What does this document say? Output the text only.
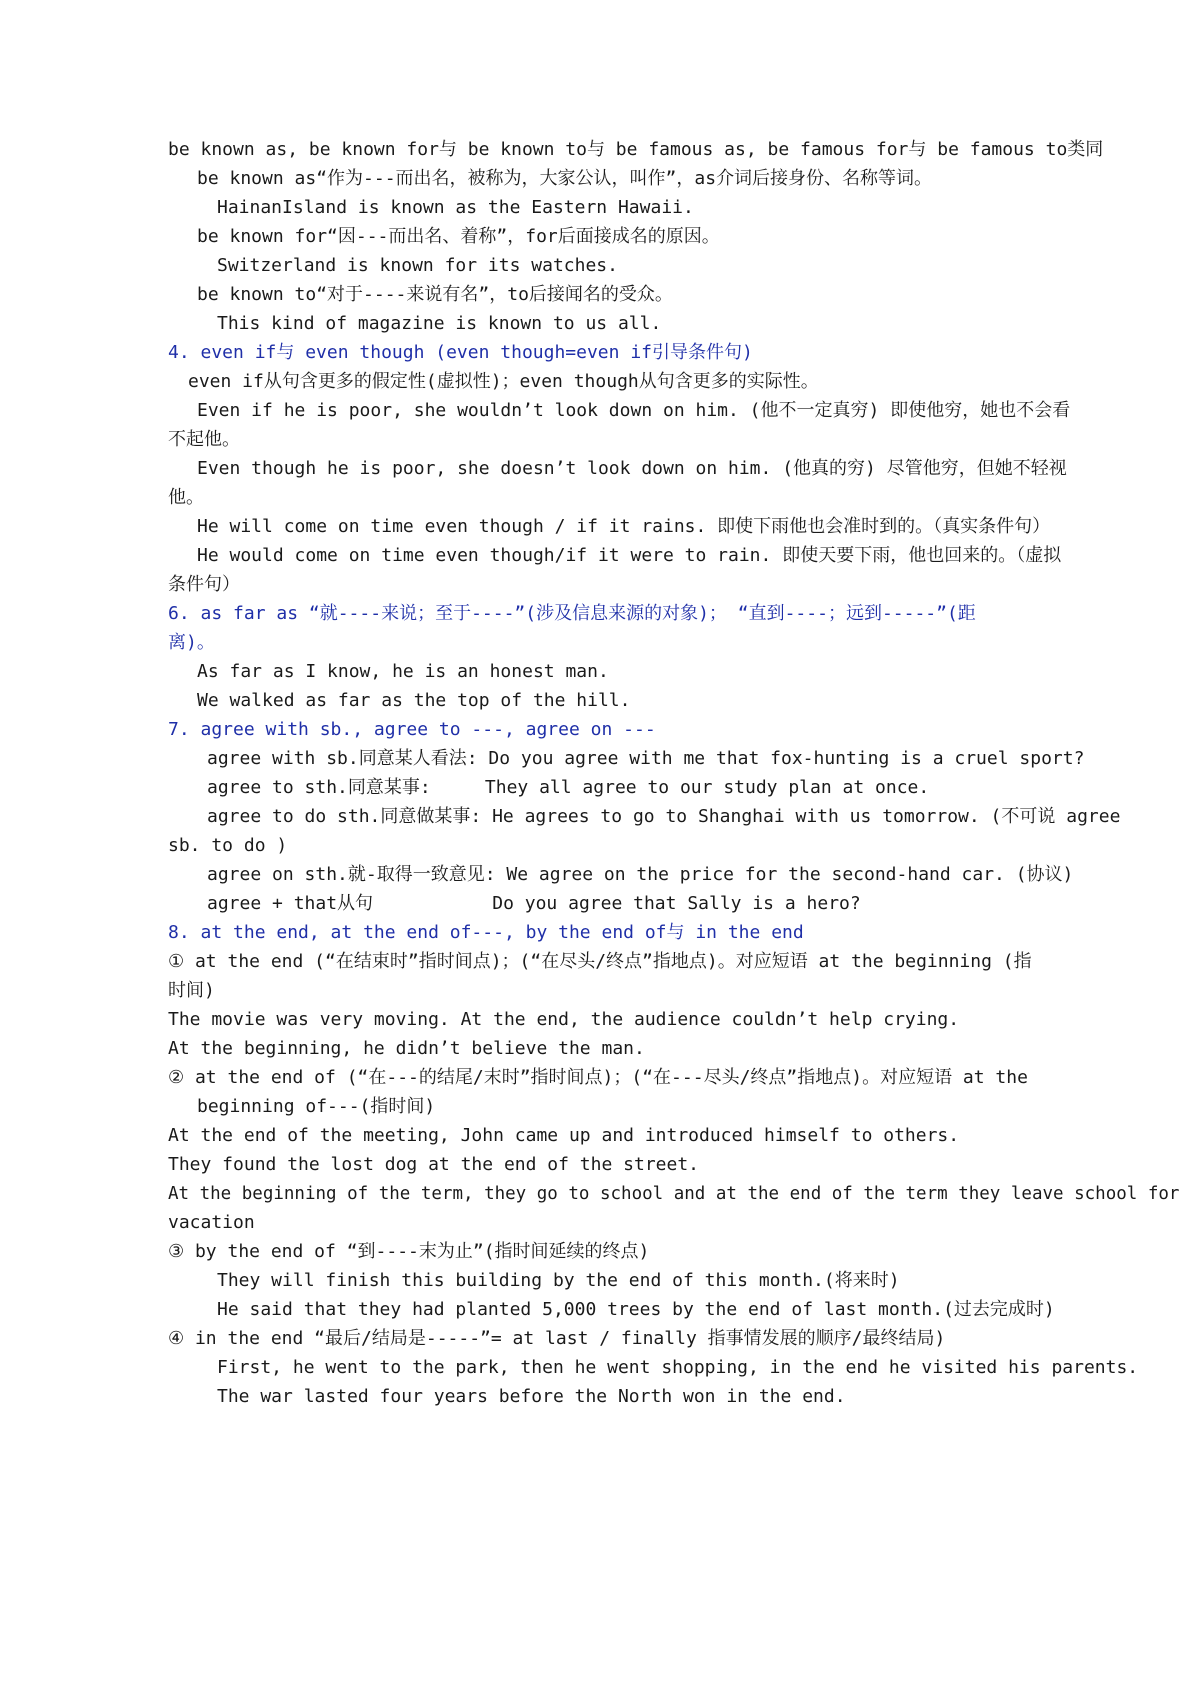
be known as, be known for与 be known to与 be famous as, be famous for与 be famous to类同
be known as“作为---而出名，被称为，大家公认，叫作”，as介词后接身份、名称等词。
HainanIsland is known as the Eastern Hawaii.
be known for“因---而出名、着称”，for后面接成名的原因。
Switzerland is known for its watches.
be known to“对于----来说有名”，to后接闻名的受众。
This kind of magazine is known to us all.
4. even if与 even though (even though=even if引导条件句)
even if从句含更多的假定性(虚拟性)；even though从句含更多的实际性。
Even if he is poor, she wouldn’t look down on him. (他不一定真穷) 即使他穷，她也不会看
不起他。
Even though he is poor, she doesn’t look down on him. (他真的穷) 尽管他穷，但她不轻视
他。
He will come on time even though / if it rains. 即使下雨他也会准时到的。（真实条件句）
He would come on time even though/if it were to rain. 即使天要下雨，他也回来的。（虚拟
条件句）
6. as far as “就----来说；至于----”(涉及信息来源的对象)； “直到----；远到-----”(距
离)。
As far as I know, he is an honest man.
We walked as far as the top of the hill.
7. agree with sb., agree to ---, agree on ---
agree with sb.同意某人看法: Do you agree with me that fox-hunting is a cruel sport?
agree to sth.同意某事:     They all agree to our study plan at once.
agree to do sth.同意做某事: He agrees to go to Shanghai with us tomorrow. (不可说 agree
sb. to do )
agree on sth.就-取得一致意见: We agree on the price for the second-hand car. (协议)
agree + that从句           Do you agree that Sally is a hero?
8. at the end, at the end of---, by the end of与 in the end
① at the end (“在结束时”指时间点)；(“在尽头/终点”指地点)。对应短语 at the beginning (指
时间)
The movie was very moving. At the end, the audience couldn’t help crying.
At the beginning, he didn’t believe the man.
② at the end of (“在---的结尾/末时”指时间点)；(“在---尽头/终点”指地点)。对应短语 at the
beginning of---(指时间)
At the end of the meeting, John came up and introduced himself to others.
They found the lost dog at the end of the street.
At the beginning of the term, they go to school and at the end of the term they leave school for
vacation
③ by the end of “到----末为止”(指时间延续的终点)
They will finish this building by the end of this month.(将来时)
He said that they had planted 5,000 trees by the end of last month.(过去完成时)
④ in the end “最后/结局是-----”= at last / finally 指事情发展的顺序/最终结局)
First, he went to the park, then he went shopping, in the end he visited his parents.
The war lasted four years before the North won in the end.
